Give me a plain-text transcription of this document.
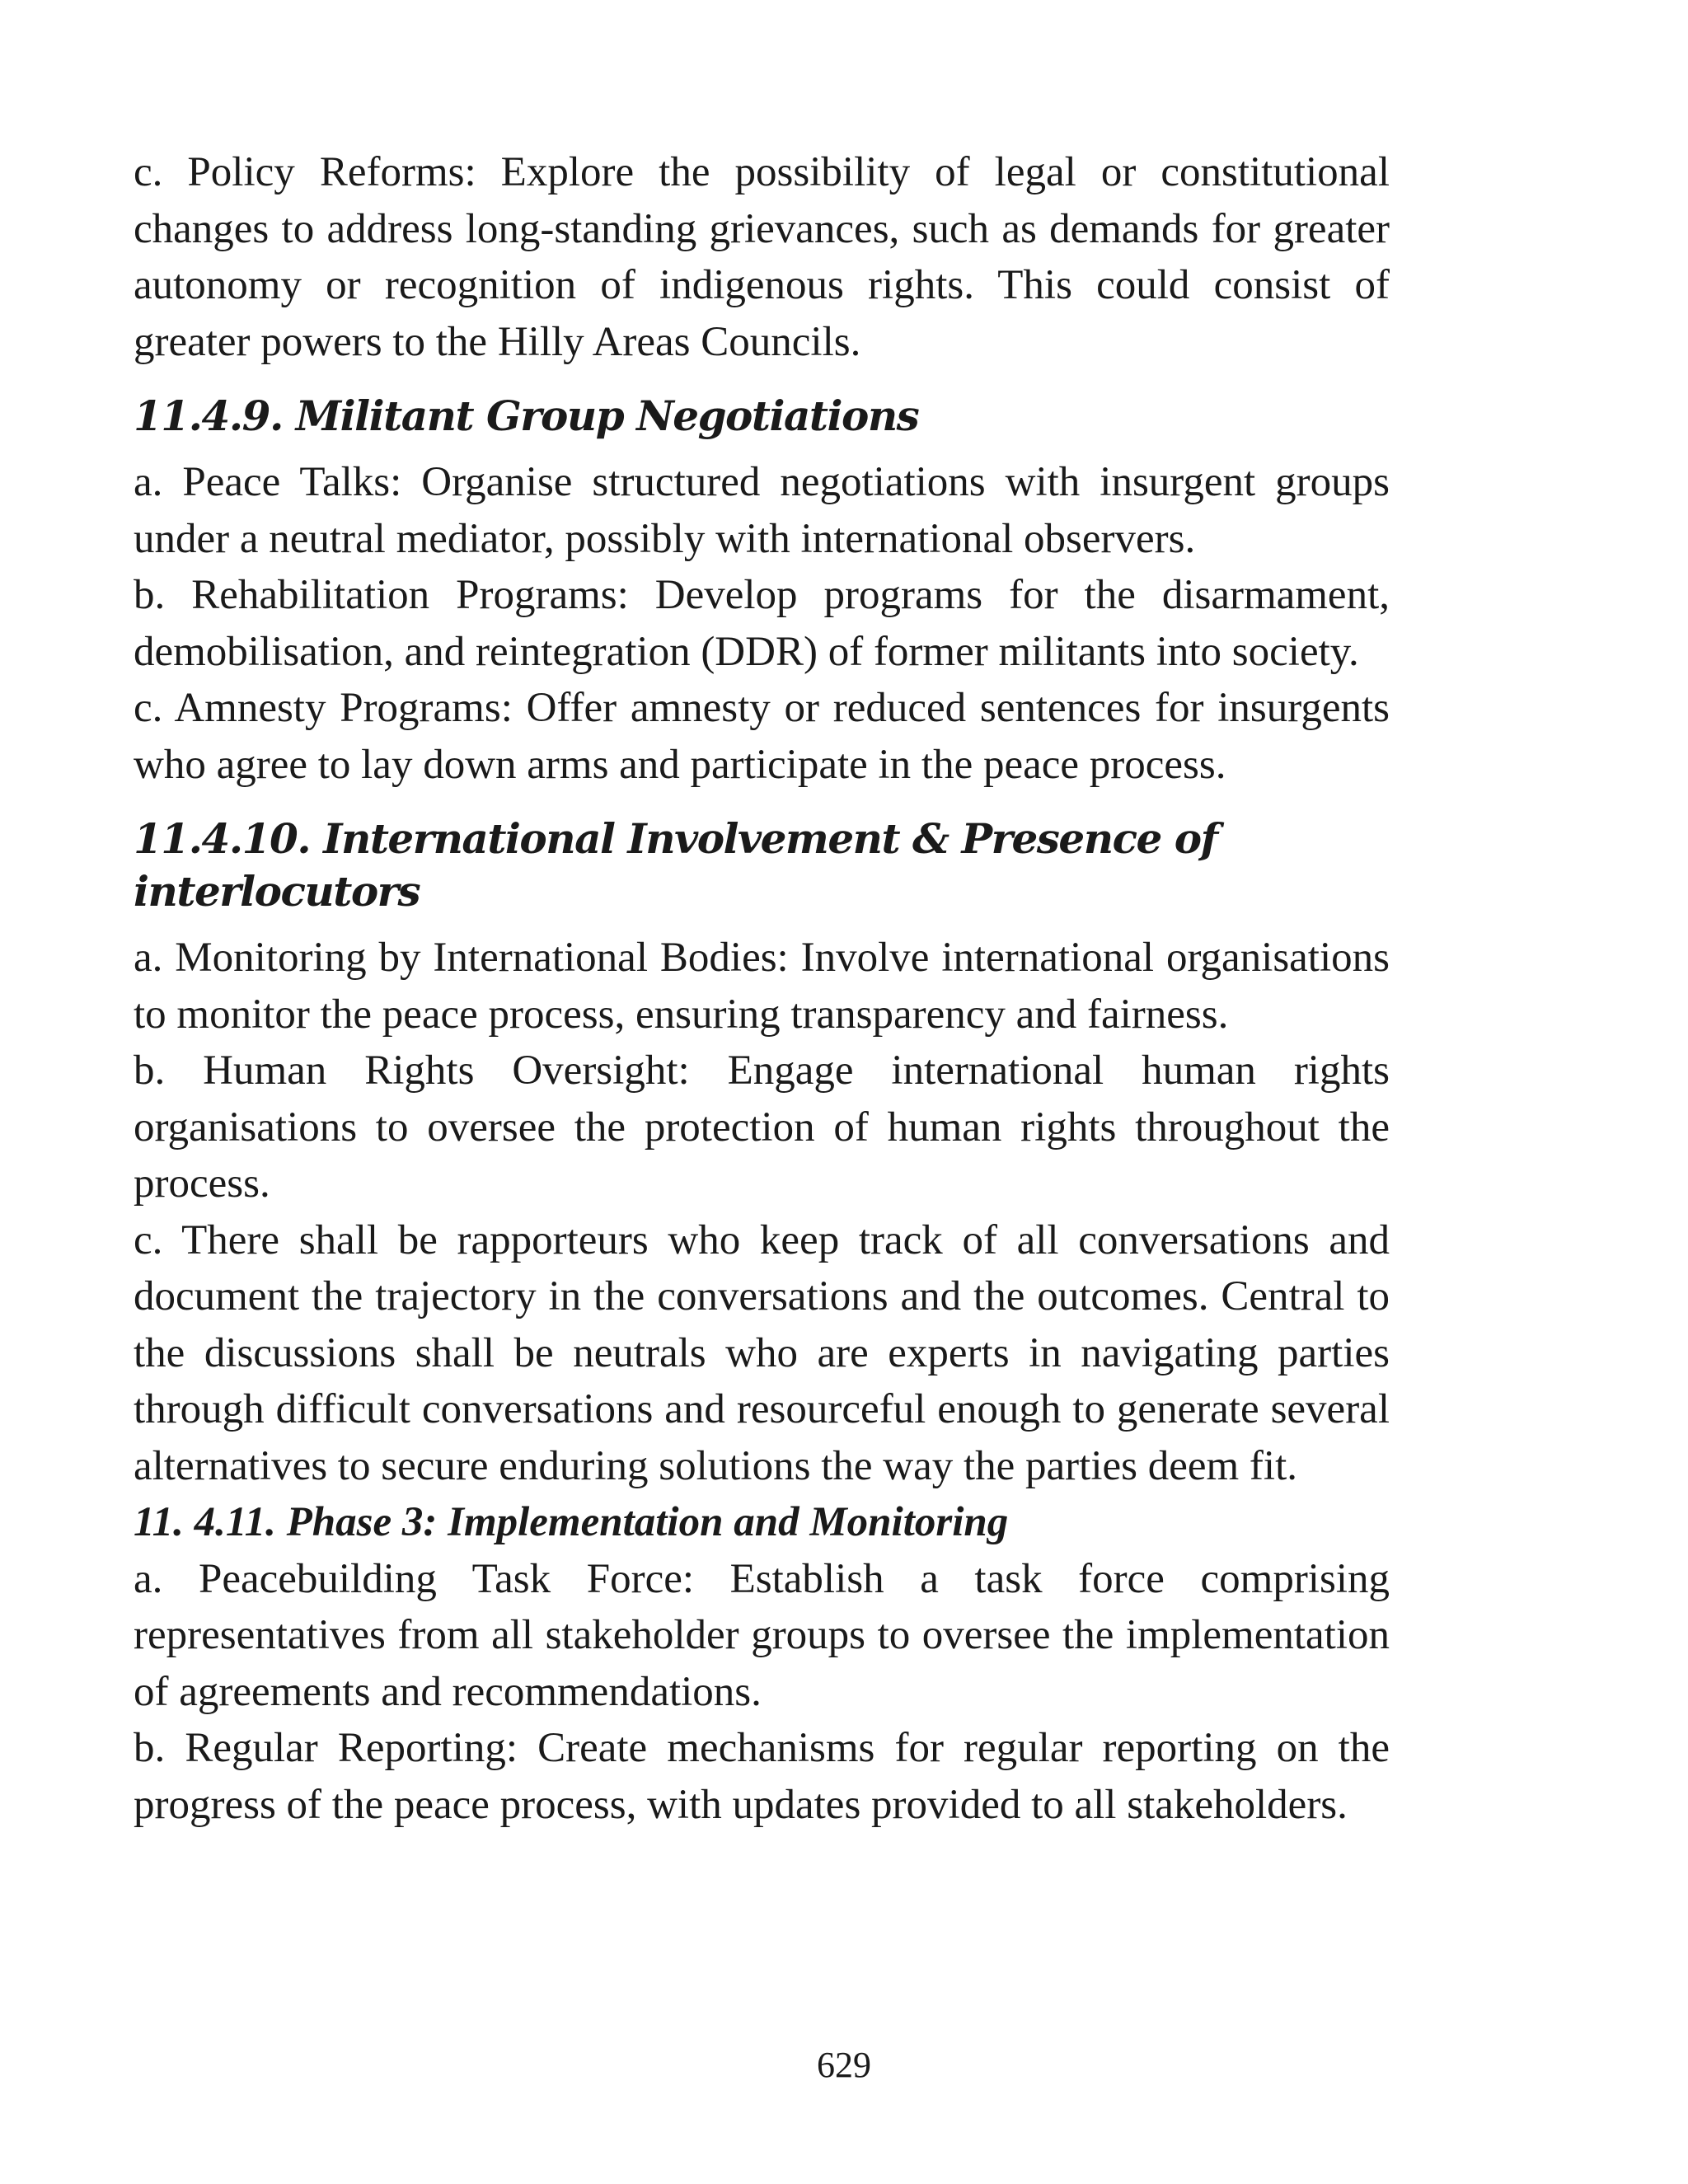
c. Policy Reforms: Explore the possibility of legal or constitutional changes to address long-standing grievances, such as demands for greater autonomy or recognition of indigenous rights. This could consist of greater powers to the Hilly Areas Councils.

11.4.9. Militant Group Negotiations

a. Peace Talks: Organise structured negotiations with insurgent groups under a neutral mediator, possibly with international observers.

b. Rehabilitation Programs: Develop programs for the disarmament, demobilisation, and reintegration (DDR) of former militants into society.

c. Amnesty Programs: Offer amnesty or reduced sentences for insurgents who agree to lay down arms and participate in the peace process.

11.4.10. International Involvement & Presence of interlocutors

a. Monitoring by International Bodies: Involve international organisations to monitor the peace process, ensuring transparency and fairness.

b. Human Rights Oversight: Engage international human rights organisations to oversee the protection of human rights throughout the process.

c. There shall be rapporteurs who keep track of all conversations and document the trajectory in the conversations and the outcomes. Central to the discussions shall be neutrals who are experts in navigating parties through difficult conversations and resourceful enough to generate several alternatives to secure enduring solutions the way the parties deem fit.

11. 4.11. Phase 3: Implementation and Monitoring

a. Peacebuilding Task Force: Establish a task force comprising representatives from all stakeholder groups to oversee the implementation of agreements and recommendations.

b. Regular Reporting: Create mechanisms for regular reporting on the progress of the peace process, with updates provided to all stakeholders.

629
